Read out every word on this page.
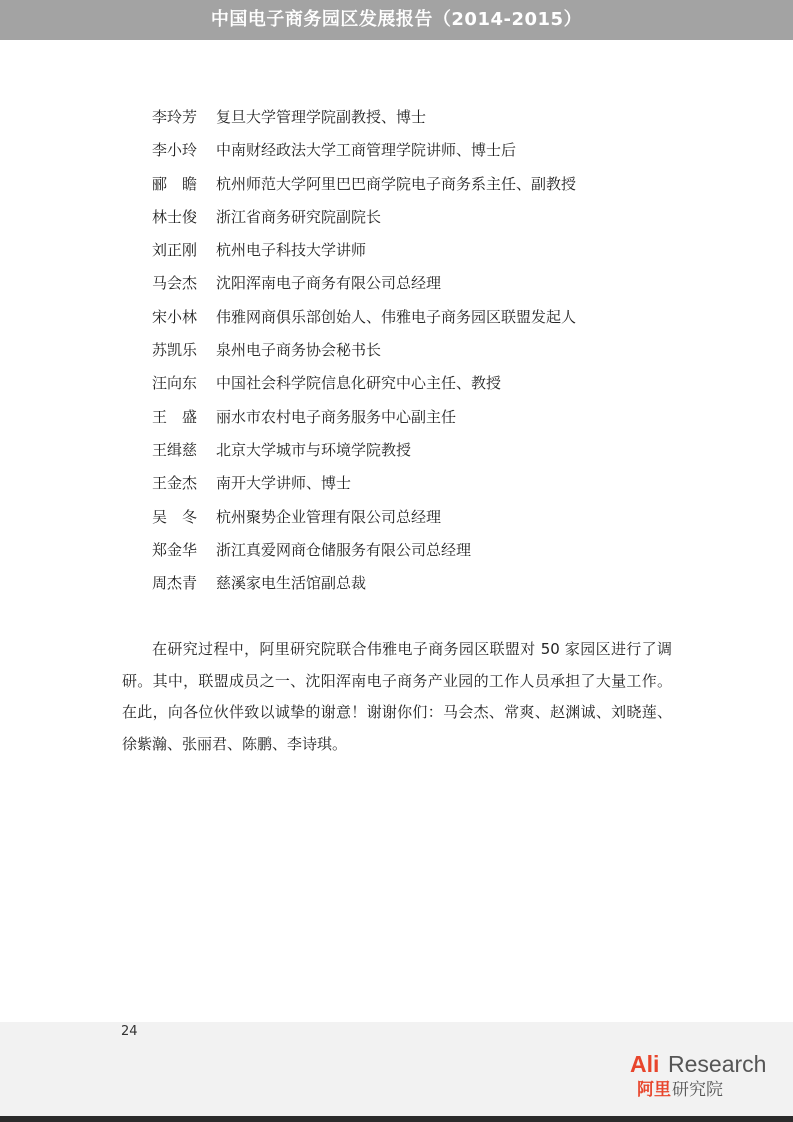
中国电子商务园区发展报告（2014-2015）
李玲芳	复旦大学管理学院副教授、博士
李小玲	中南财经政法大学工商管理学院讲师、博士后
郦　瞻	杭州师范大学阿里巴巴商学院电子商务系主任、副教授
林士俊	浙江省商务研究院副院长
刘正刚	杭州电子科技大学讲师
马会杰	沈阳浑南电子商务有限公司总经理
宋小林	伟雅网商俱乐部创始人、伟雅电子商务园区联盟发起人
苏凯乐	泉州电子商务协会秘书长
汪向东	中国社会科学院信息化研究中心主任、教授
王　盛	丽水市农村电子商务服务中心副主任
王缉慈	北京大学城市与环境学院教授
王金杰	南开大学讲师、博士
吴　冬	杭州聚势企业管理有限公司总经理
郑金华	浙江真爱网商仓储服务有限公司总经理
周杰青	慈溪家电生活馆副总裁

在研究过程中，阿里研究院联合伟雅电子商务园区联盟对 50 家园区进行了调研。其中，联盟成员之一、沈阳浑南电子商务产业园的工作人员承担了大量工作。在此，向各位伙伴致以诚挚的谢意！谢谢你们：马会杰、常爽、赵渊诚、刘晓莲、徐紫瀚、张丽君、陈鹏、李诗琪。

24
Ali Research
阿里 研究院
